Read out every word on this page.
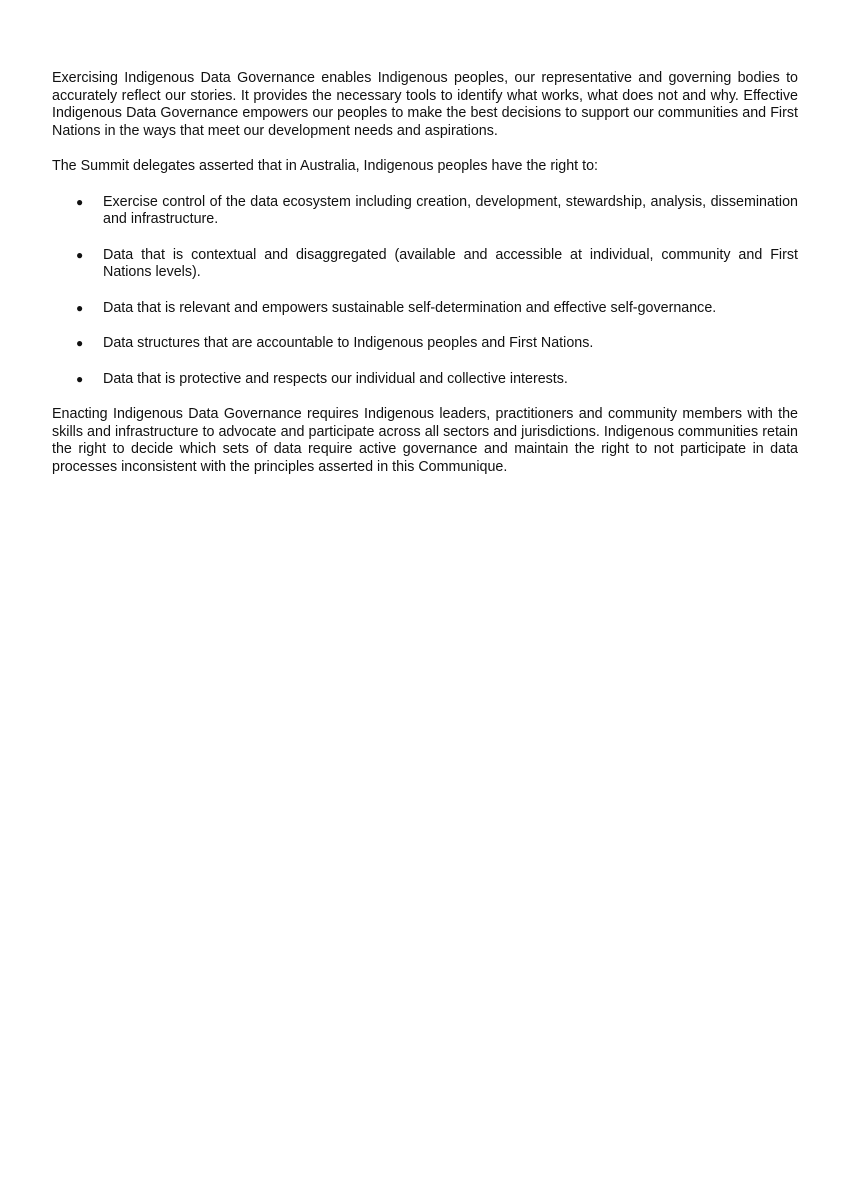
Exercising Indigenous Data Governance enables Indigenous peoples, our representative and governing bodies to accurately reflect our stories. It provides the necessary tools to identify what works, what does not and why. Effective Indigenous Data Governance empowers our peoples to make the best decisions to support our communities and First Nations in the ways that meet our development needs and aspirations.

The Summit delegates asserted that in Australia, Indigenous peoples have the right to:

● Exercise control of the data ecosystem including creation, development, stewardship, analysis, dissemination and infrastructure.
● Data that is contextual and disaggregated (available and accessible at individual, community and First Nations levels).
● Data that is relevant and empowers sustainable self-determination and effective self-governance.
● Data structures that are accountable to Indigenous peoples and First Nations.
● Data that is protective and respects our individual and collective interests.

Enacting Indigenous Data Governance requires Indigenous leaders, practitioners and community members with the skills and infrastructure to advocate and participate across all sectors and jurisdictions. Indigenous communities retain the right to decide which sets of data require active governance and maintain the right to not participate in data processes inconsistent with the principles asserted in this Communique.
